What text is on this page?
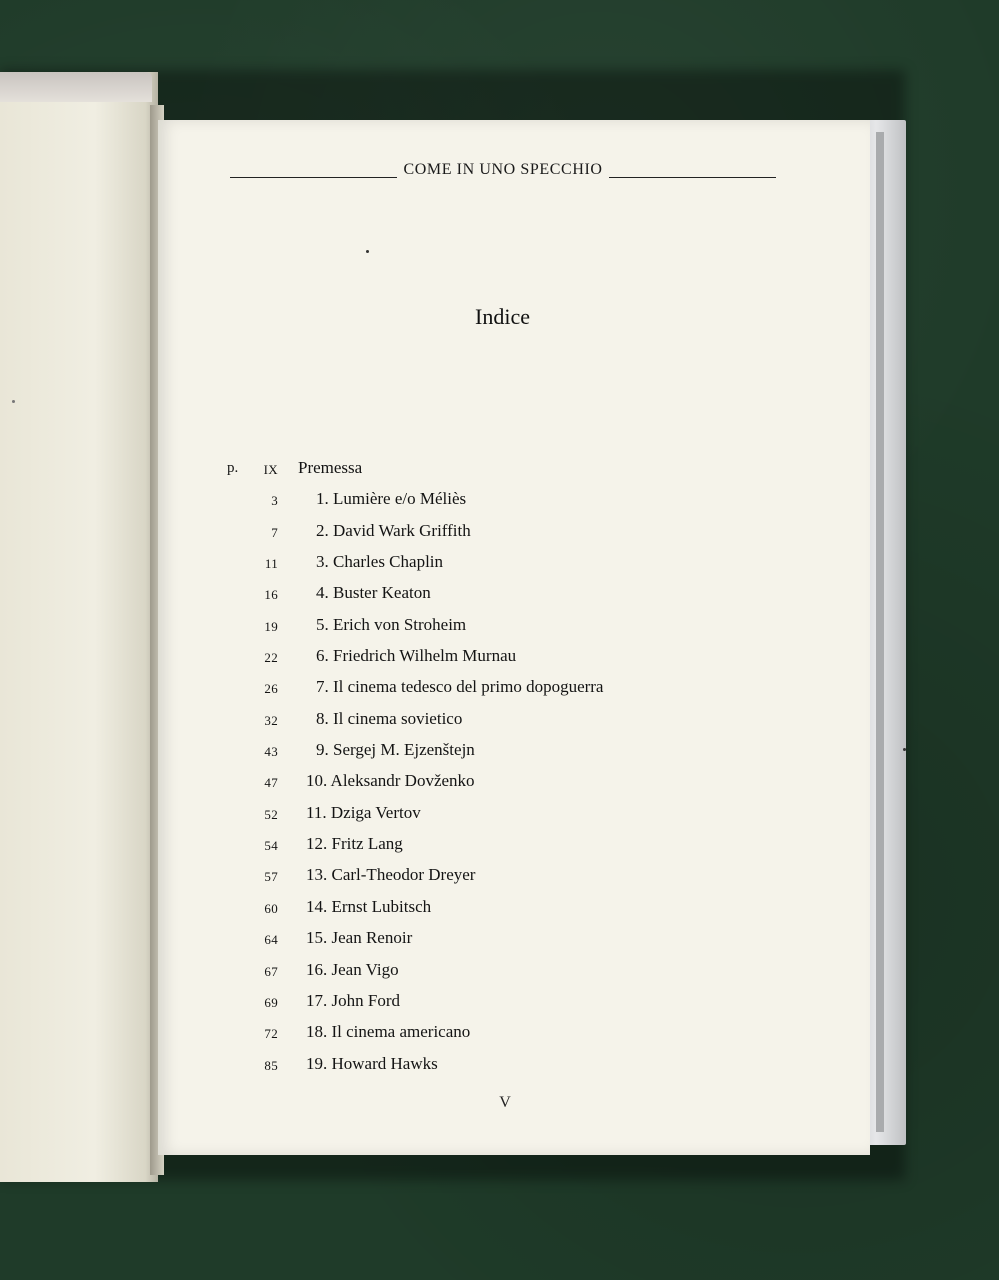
COME IN UNO SPECCHIO
Indice
p. IX Premessa
3 1. Lumière e/o Méliès
7 2. David Wark Griffith
11 3. Charles Chaplin
16 4. Buster Keaton
19 5. Erich von Stroheim
22 6. Friedrich Wilhelm Murnau
26 7. Il cinema tedesco del primo dopoguerra
32 8. Il cinema sovietico
43 9. Sergej M. Ejzenštejn
47 10. Aleksandr Dovženko
52 11. Dziga Vertov
54 12. Fritz Lang
57 13. Carl-Theodor Dreyer
60 14. Ernst Lubitsch
64 15. Jean Renoir
67 16. Jean Vigo
69 17. John Ford
72 18. Il cinema americano
85 19. Howard Hawks
V
